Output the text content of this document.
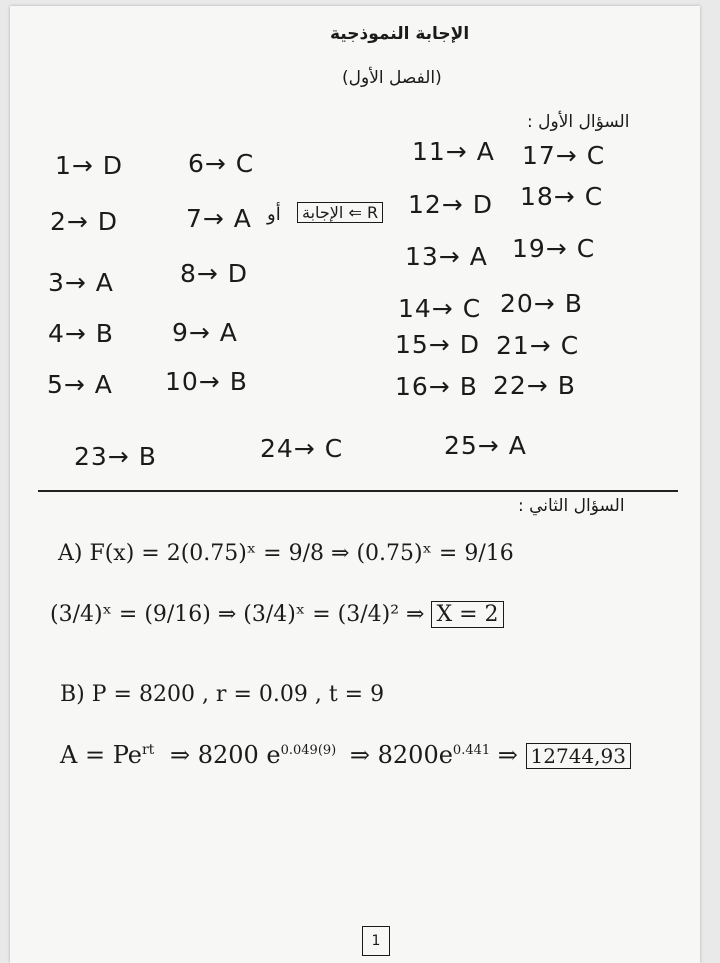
الإجابة النموذجية
(الفصل الأول)
السؤال الأول :
1→ D
2→ D
3→ A
4→ B
5→ A
6→ C
7→ A أو	R ⇐ الإجابة
8→ D
9→ A
10→ B
11→ A
12→ D
13→ A
14→ C
15→ D
16→ B
17→ C
18→ C
19→ C
20→ B
21→ C
22→ B
23→ B	24→ C	25→ A
السؤال الثاني :
A) F(x) = 2(0.75)ˣ = 9/8 ⇒ (0.75)ˣ = 9/16
(3/4)ˣ = (9/16) ⇒ (3/4)ˣ = (3/4)² ⇒ X = 2
B) P = 8200 , r = 0.09 , t = 9
$A = Pe^{rt}$ ⇒ 8200 $e^{0.049(9)}$ ⇒ $8200e^{0.441}$ ⇒ 12744,93
1
